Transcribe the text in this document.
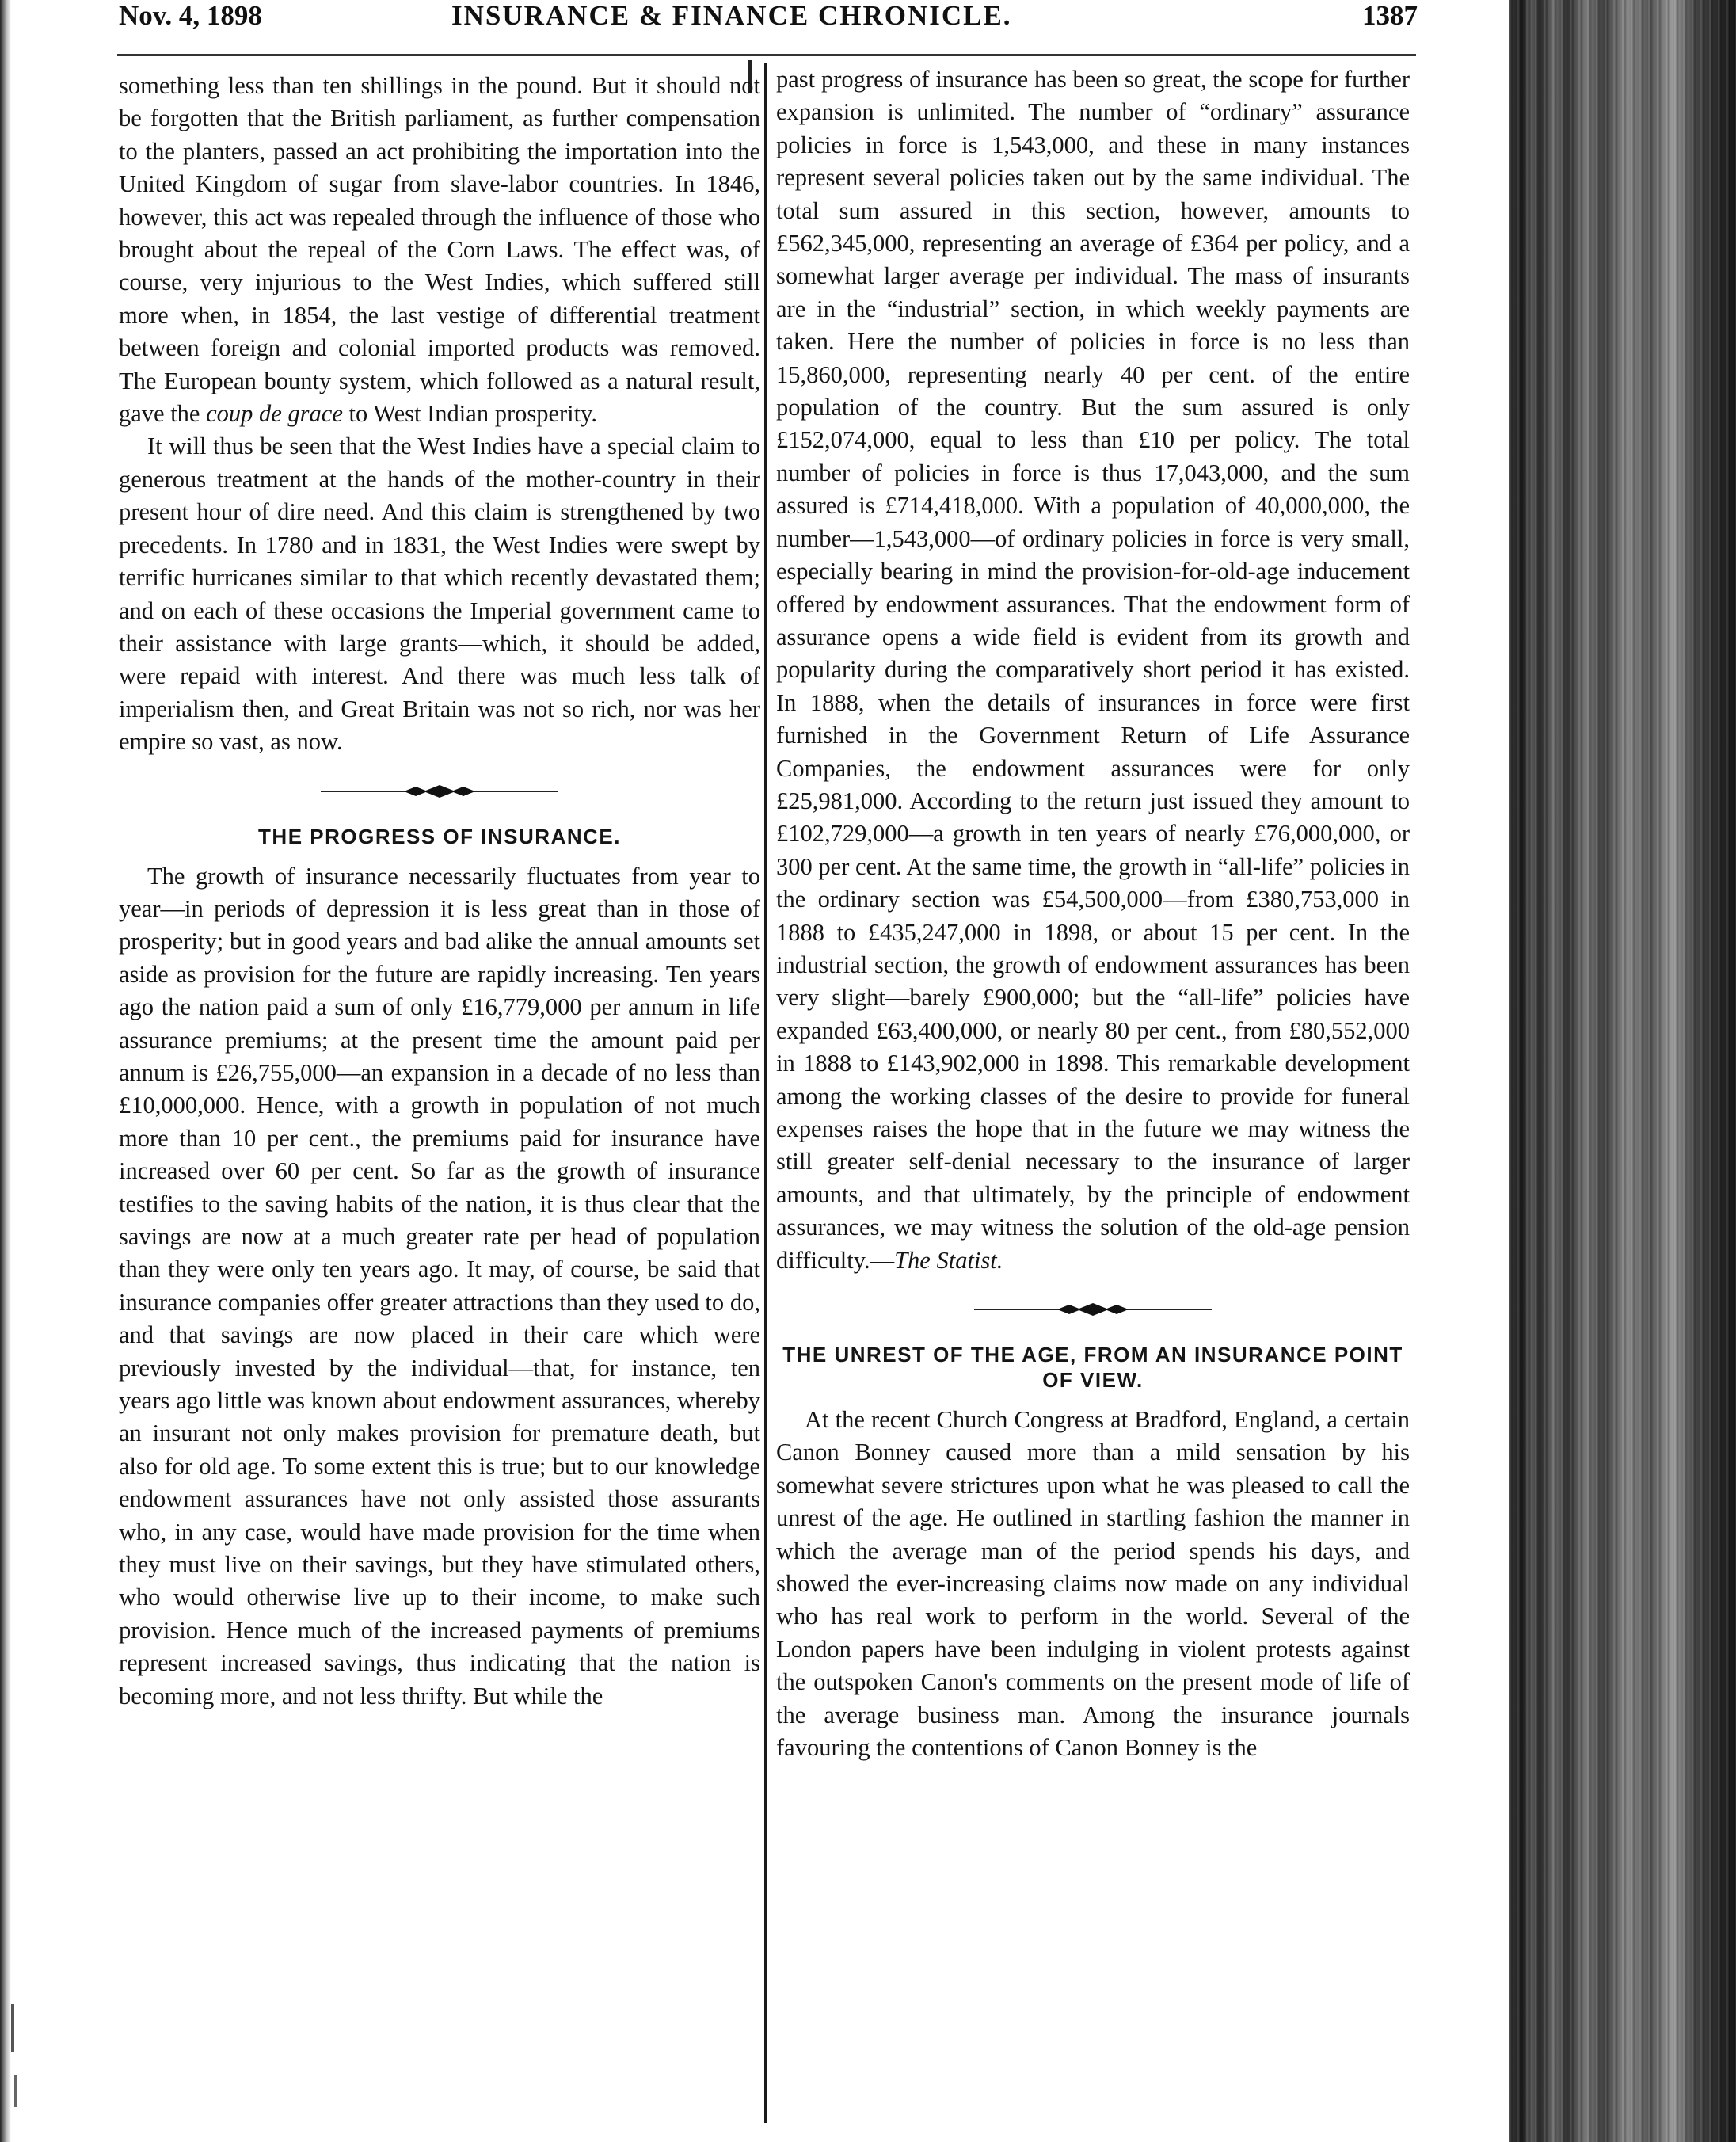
Nov. 4, 1898	INSURANCE & FINANCE CHRONICLE.	1387

something less than ten shillings in the pound. But it should not be forgotten that the British parliament, as further compensation to the planters, passed an act prohibiting the importation into the United Kingdom of sugar from slave-labor countries. In 1846, however, this act was repealed through the influence of those who brought about the repeal of the Corn Laws. The effect was, of course, very injurious to the West Indies, which suffered still more when, in 1854, the last vestige of differential treatment between foreign and colonial imported products was removed. The European bounty system, which followed as a natural result, gave the coup de grace to West Indian prosperity.

It will thus be seen that the West Indies have a special claim to generous treatment at the hands of the mother-country in their present hour of dire need. And this claim is strengthened by two precedents. In 1780 and in 1831, the West Indies were swept by terrific hurricanes similar to that which recently devastated them; and on each of these occasions the Imperial government came to their assistance with large grants—which, it should be added, were repaid with interest. And there was much less talk of imperialism then, and Great Britain was not so rich, nor was her empire so vast, as now.

THE PROGRESS OF INSURANCE.

The growth of insurance necessarily fluctuates from year to year—in periods of depression it is less great than in those of prosperity; but in good years and bad alike the annual amounts set aside as provision for the future are rapidly increasing. Ten years ago the nation paid a sum of only £16,779,000 per annum in life assurance premiums; at the present time the amount paid per annum is £26,755,000—an expansion in a decade of no less than £10,000,000. Hence, with a growth in population of not much more than 10 per cent., the premiums paid for insurance have increased over 60 per cent. So far as the growth of insurance testifies to the saving habits of the nation, it is thus clear that the savings are now at a much greater rate per head of population than they were only ten years ago. It may, of course, be said that insurance companies offer greater attractions than they used to do, and that savings are now placed in their care which were previously invested by the individual—that, for instance, ten years ago little was known about endowment assurances, whereby an insurant not only makes provision for premature death, but also for old age. To some extent this is true; but to our knowledge endowment assurances have not only assisted those assurants who, in any case, would have made provision for the time when they must live on their savings, but they have stimulated others, who would otherwise live up to their income, to make such provision. Hence much of the increased payments of premiums represent increased savings, thus indicating that the nation is becoming more, and not less thrifty. But while the

past progress of insurance has been so great, the scope for further expansion is unlimited. The number of “ordinary” assurance policies in force is 1,543,000, and these in many instances represent several policies taken out by the same individual. The total sum assured in this section, however, amounts to £562,345,000, representing an average of £364 per policy, and a somewhat larger average per individual. The mass of insurants are in the “industrial” section, in which weekly payments are taken. Here the number of policies in force is no less than 15,860,000, representing nearly 40 per cent. of the entire population of the country. But the sum assured is only £152,074,000, equal to less than £10 per policy. The total number of policies in force is thus 17,043,000, and the sum assured is £714,418,000. With a population of 40,000,000, the number—1,543,000—of ordinary policies in force is very small, especially bearing in mind the provision-for-old-age inducement offered by endowment assurances. That the endowment form of assurance opens a wide field is evident from its growth and popularity during the comparatively short period it has existed. In 1888, when the details of insurances in force were first furnished in the Government Return of Life Assurance Companies, the endowment assurances were for only £25,981,000. According to the return just issued they amount to £102,729,000—a growth in ten years of nearly £76,000,000, or 300 per cent. At the same time, the growth in “all-life” policies in the ordinary section was £54,500,000—from £380,753,000 in 1888 to £435,247,000 in 1898, or about 15 per cent. In the industrial section, the growth of endowment assurances has been very slight—barely £900,000; but the “all-life” policies have expanded £63,400,000, or nearly 80 per cent., from £80,552,000 in 1888 to £143,902,000 in 1898. This remarkable development among the working classes of the desire to provide for funeral expenses raises the hope that in the future we may witness the still greater self-denial necessary to the insurance of larger amounts, and that ultimately, by the principle of endowment assurances, we may witness the solution of the old-age pension difficulty.—The Statist.

THE UNREST OF THE AGE, FROM AN INSURANCE POINT OF VIEW.

At the recent Church Congress at Bradford, England, a certain Canon Bonney caused more than a mild sensation by his somewhat severe strictures upon what he was pleased to call the unrest of the age. He outlined in startling fashion the manner in which the average man of the period spends his days, and showed the ever-increasing claims now made on any individual who has real work to perform in the world. Several of the London papers have been indulging in violent protests against the outspoken Canon's comments on the present mode of life of the average business man. Among the insurance journals favouring the contentions of Canon Bonney is the
